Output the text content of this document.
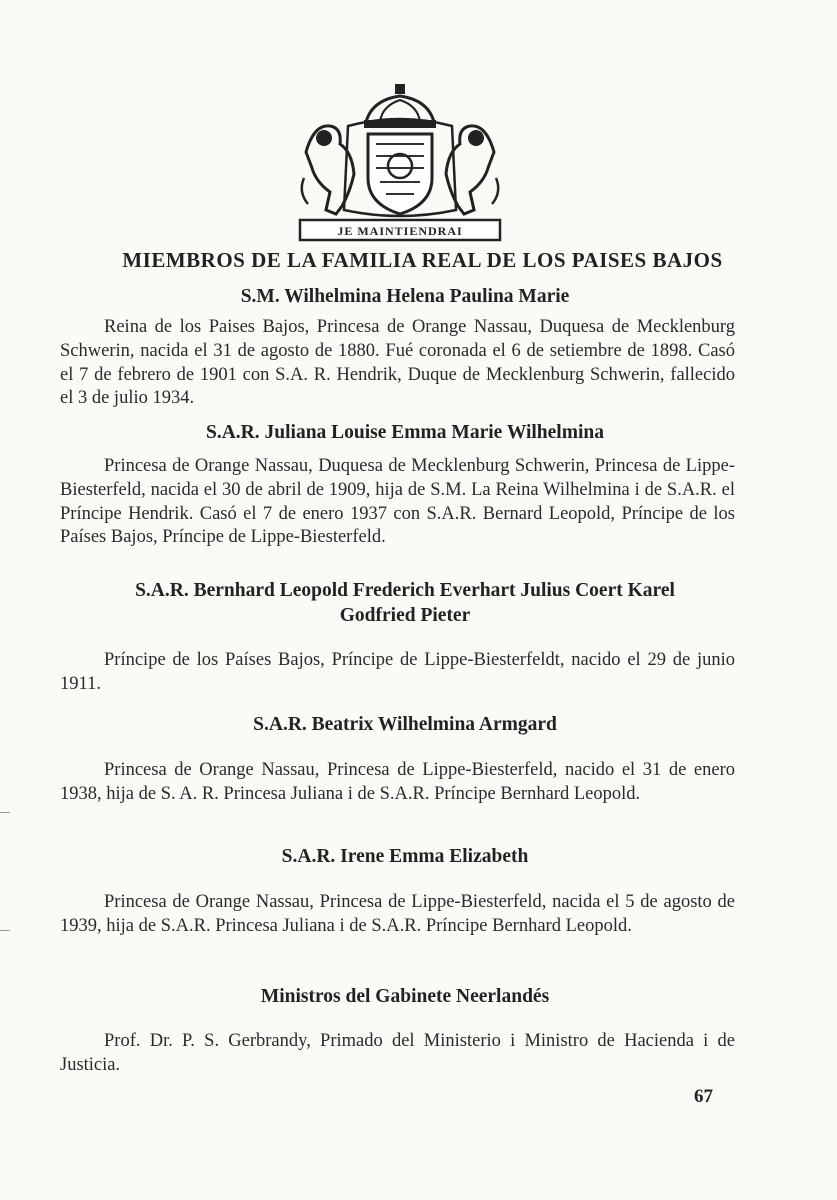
JE MAINTIENDRAI
MIEMBROS DE LA FAMILIA REAL DE LOS PAISES BAJOS
S.M. Wilhelmina Helena Paulina Marie

Reina de los Paises Bajos, Princesa de Orange Nassau, Duquesa de Mecklenburg Schwerin, nacida el 31 de agosto de 1880. Fué coronada el 6 de setiembre de 1898. Casó el 7 de febrero de 1901 con S.A. R. Hendrik, Duque de Mecklenburg Schwerin, fallecido el 3 de julio 1934.

S.A.R. Juliana Louise Emma Marie Wilhelmina

Princesa de Orange Nassau, Duquesa de Mecklenburg Schwerin, Princesa de Lippe-Biesterfeld, nacida el 30 de abril de 1909, hija de S.M. La Reina Wilhelmina i de S.A.R. el Príncipe Hendrik. Casó el 7 de enero 1937 con S.A.R. Bernard Leopold, Príncipe de los Países Bajos, Príncipe de Lippe-Biesterfeld.

S.A.R. Bernhard Leopold Frederich Everhart Julius Coert Karel
Godfried Pieter

Príncipe de los Países Bajos, Príncipe de Lippe-Biesterfeldt, nacido el 29 de junio 1911.

S.A.R. Beatrix Wilhelmina Armgard

Princesa de Orange Nassau, Princesa de Lippe-Biesterfeld, nacido el 31 de enero 1938, hija de S. A. R. Princesa Juliana i de S.A.R. Príncipe Bernhard Leopold.

S.A.R. Irene Emma Elizabeth

Princesa de Orange Nassau, Princesa de Lippe-Biesterfeld, nacida el 5 de agosto de 1939, hija de S.A.R. Princesa Juliana i de S.A.R. Príncipe Bernhard Leopold.

Ministros del Gabinete Neerlandés

Prof. Dr. P. S. Gerbrandy, Primado del Ministerio i Ministro de Hacienda i de Justicia.

67
